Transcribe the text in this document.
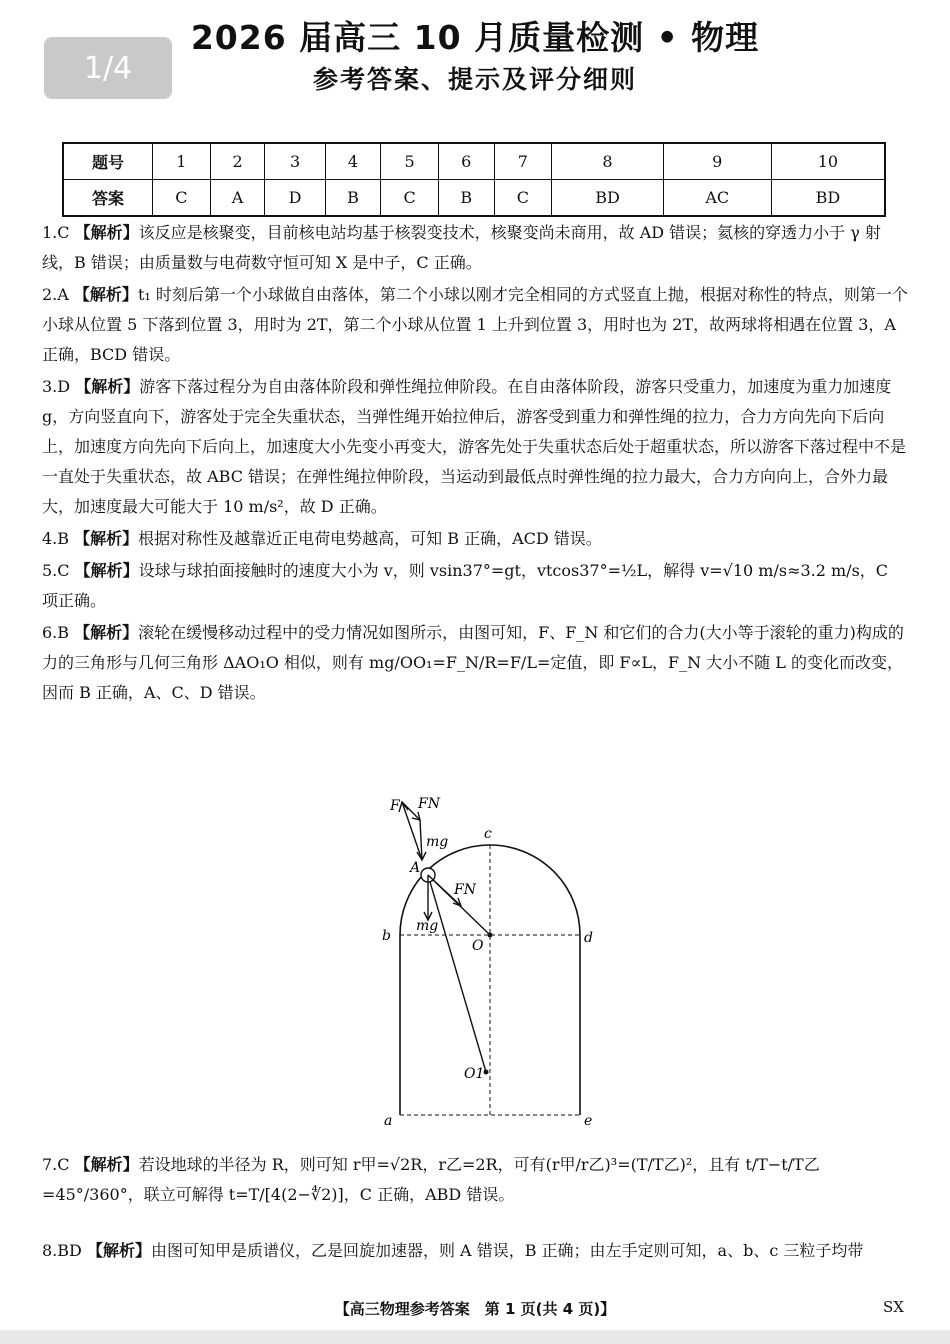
1/4
2026 届高三 10 月质量检测 • 物理
参考答案、提示及评分细则
题号	1	2	3	4	5	6	7	8	9	10
答案	C	A	D	B	C	B	C	BD	AC	BD

1.C 【解析】该反应是核聚变，目前核电站均基于核裂变技术，核聚变尚未商用，故 AD 错误；氦核的穿透力小于 γ 射线，B 错误；由质量数与电荷数守恒可知 X 是中子，C 正确。

2.A 【解析】t₁ 时刻后第一个小球做自由落体，第二个小球以刚才完全相同的方式竖直上抛，根据对称性的特点，则第一个小球从位置 5 下落到位置 3，用时为 2T，第二个小球从位置 1 上升到位置 3，用时也为 2T，故两球将相遇在位置 3，A 正确，BCD 错误。

3.D 【解析】游客下落过程分为自由落体阶段和弹性绳拉伸阶段。在自由落体阶段，游客只受重力，加速度为重力加速度 g，方向竖直向下，游客处于完全失重状态，当弹性绳开始拉伸后，游客受到重力和弹性绳的拉力，合力方向先向下后向上，加速度方向先向下后向上，加速度大小先变小再变大，游客先处于失重状态后处于超重状态，所以游客下落过程中不是一直处于失重状态，故 ABC 错误；在弹性绳拉伸阶段，当运动到最低点时弹性绳的拉力最大，合力方向向上，合外力最大，加速度最大可能大于 10 m/s²，故 D 正确。

4.B 【解析】根据对称性及越靠近正电荷电势越高，可知 B 正确，ACD 错误。

5.C 【解析】设球与球拍面接触时的速度大小为 v，则 vsin37°=gt，vtcos37°=½L，解得 v=√10 m/s≈3.2 m/s，C 项正确。

6.B 【解析】滚轮在缓慢移动过程中的受力情况如图所示，由图可知，F、F_N 和它们的合力(大小等于滚轮的重力)构成的力的三角形与几何三角形 ΔAO₁O 相似，则有 mg/OO₁=F_N/R=F/L=定值，即 F∝L，F_N 大小不随 L 的变化而改变，因而 B 正确，A、C、D 错误。

F FN
mg
A
FN
mg
b
O	d
c
O1
a	e

7.C 【解析】若设地球的半径为 R，则可知 r甲=√2R，r乙=2R，可有(r甲/r乙)³=(T/T乙)²，且有 t/T−t/T乙=45°/360°，联立可解得 t=T/[4(2−∜2)]，C 正确，ABD 错误。

8.BD 【解析】由图可知甲是质谱仪，乙是回旋加速器，则 A 错误，B 正确；由左手定则可知，a、b、c 三粒子均带

【高三物理参考答案　第 1 页(共 4 页)】	SX
